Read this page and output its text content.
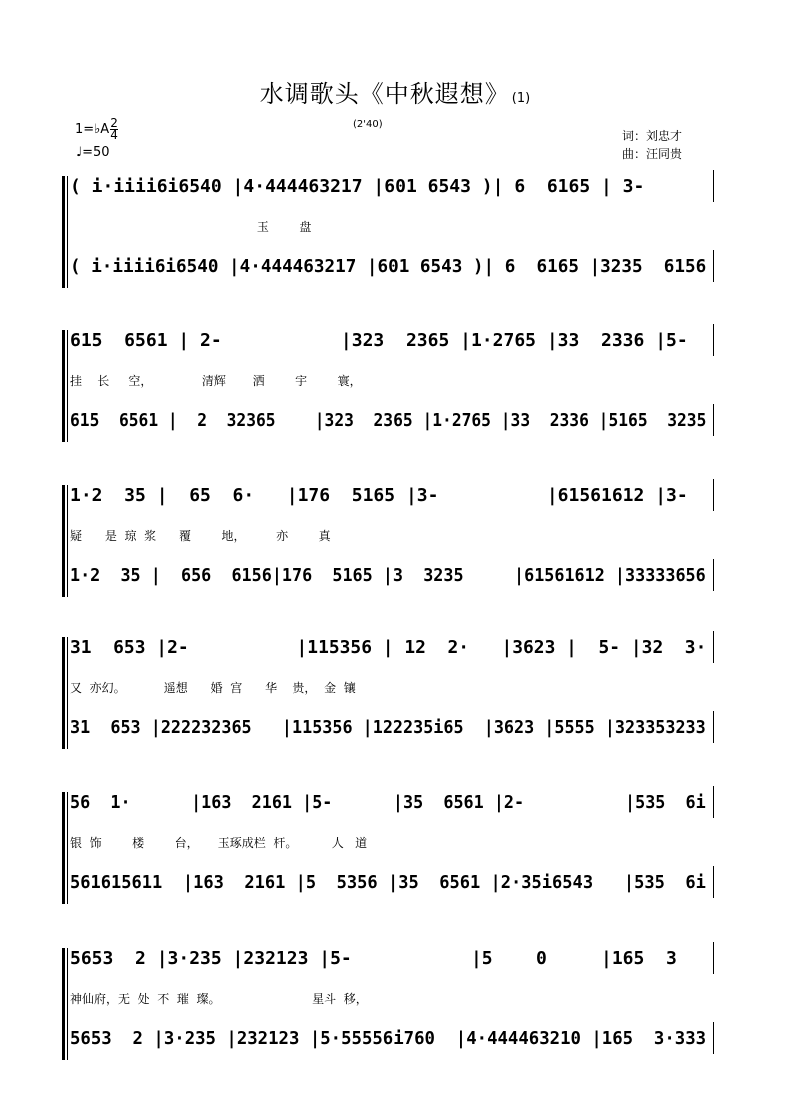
水调歌头《中秋遐想》 (1)
1=♭A $\frac{2}{4}$
♩=50
(2'40)
词：刘忠才
曲：汪同贵
( i·iiii6i6540 |4·444463217 |601 6543 )| 6  6165 | 3-
玉        盘
( i·iiii6i6540 |4·444463217 |601 6543 )| 6  6165 |3235  6156
615  6561 | 2-           |323  2365 |1·2765 |33  2336 |5-
挂    长     空，             清辉       洒        宇        寰，
615  6561 |  2  32365    |323  2365 |1·2765 |33  2336 |5165  3235
1·2  35 |  65  6·   |176  5165 |3-          |61561612 |3-
疑      是  琼  浆      覆        地，        亦        真
1·2  35 |  656  6156|176  5165 |3  3235     |61561612 |33333656
31  653 |2-          |115356 | 12  2·   |3623 |  5- |32  3·
又  亦幻。          遥想      婚  宫      华    贵，  金  镶
31  653 |222232365   |115356 |122235i65  |3623 |5555 |323353233
56  1·      |163  2161 |5-      |35  6561 |2-          |535  6i
银  饰        楼        台，     玉琢成栏  杆。         人   道
561615611  |163  2161 |5  5356 |35  6561 |2·35i6543   |535  6i
5653  2 |3·235 |232123 |5-           |5    0     |165  3
神仙府，无  处  不  璀  璨。                        星斗  移，
5653  2 |3·235 |232123 |5·55556i760  |4·444463210 |165  3·333
